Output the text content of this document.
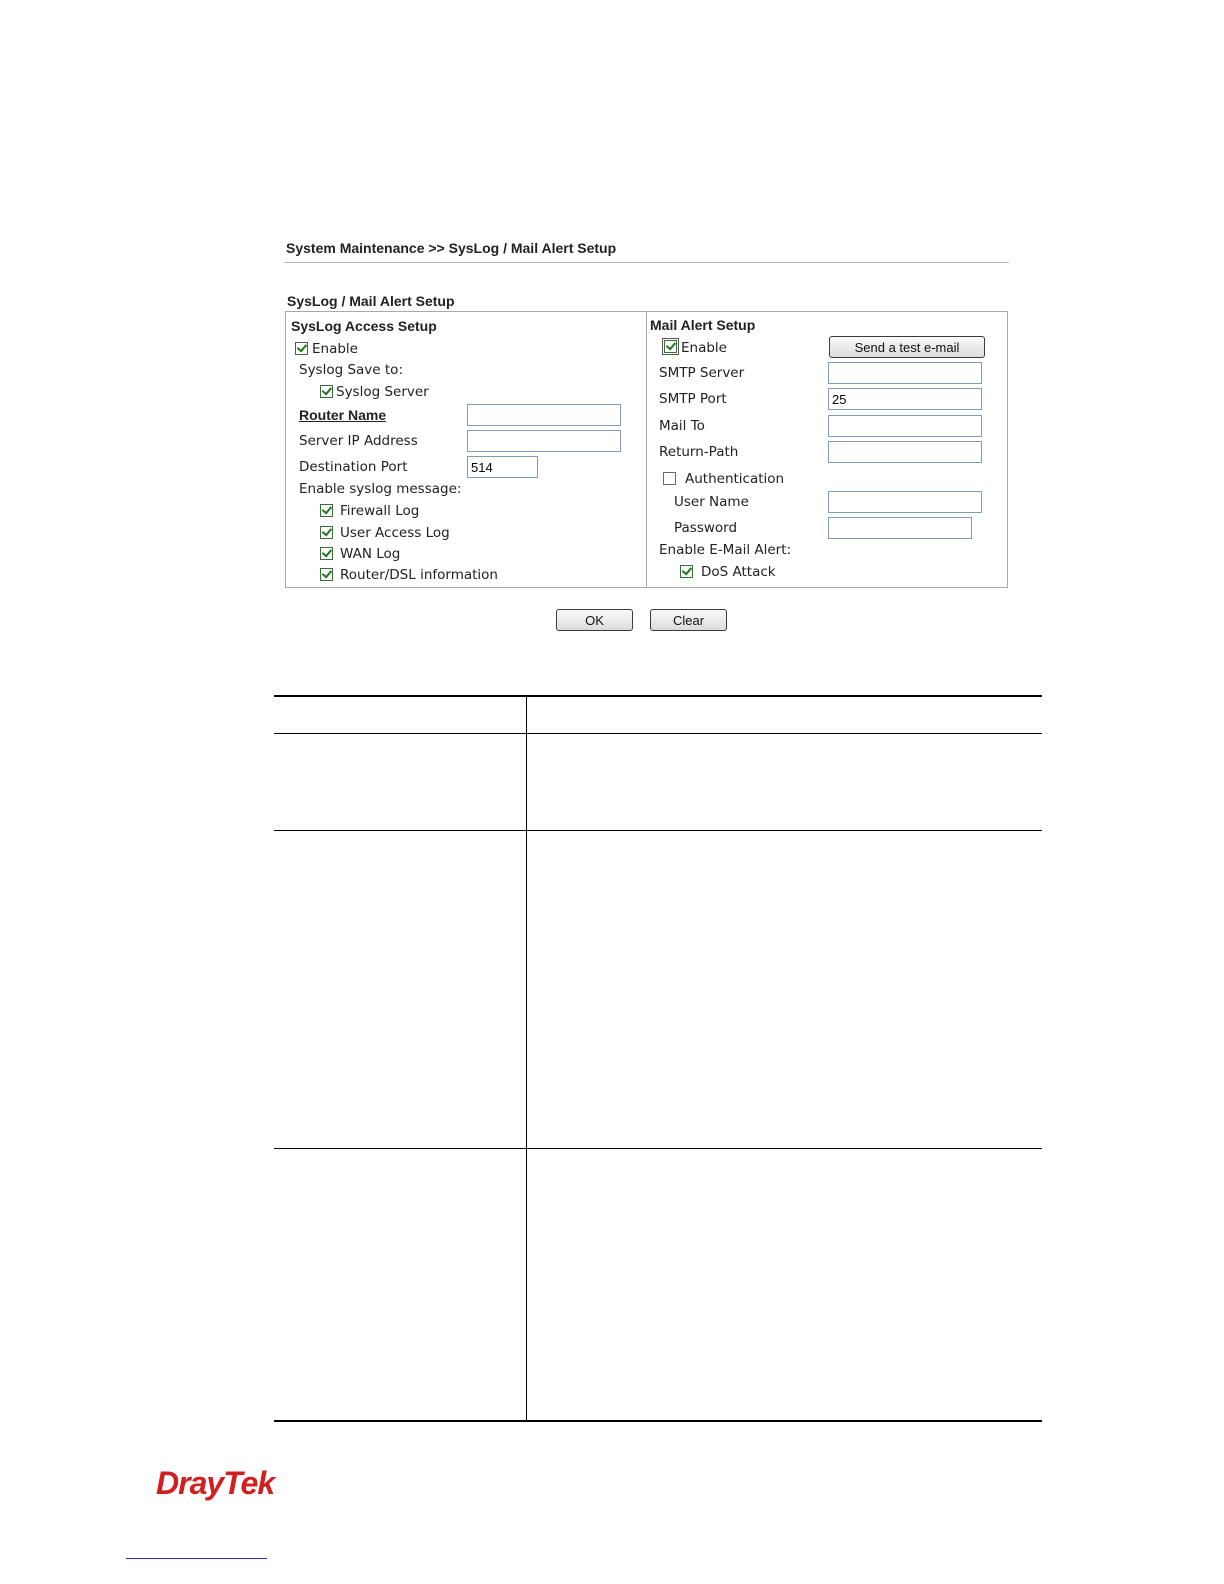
System Maintenance >> SysLog / Mail Alert Setup
SysLog / Mail Alert Setup
SysLog Access Setup
Enable
Syslog Save to:
Syslog Server
Router Name
Server IP Address
Destination Port
514
Enable syslog message:
Firewall Log
User Access Log
WAN Log
Router/DSL information
Mail Alert Setup
Enable	Send a test e-mail
SMTP Server
SMTP Port
25
Mail To
Return-Path
Authentication
User Name
Password
Enable E-Mail Alert:
DoS Attack
OK	Clear
DrayTek
